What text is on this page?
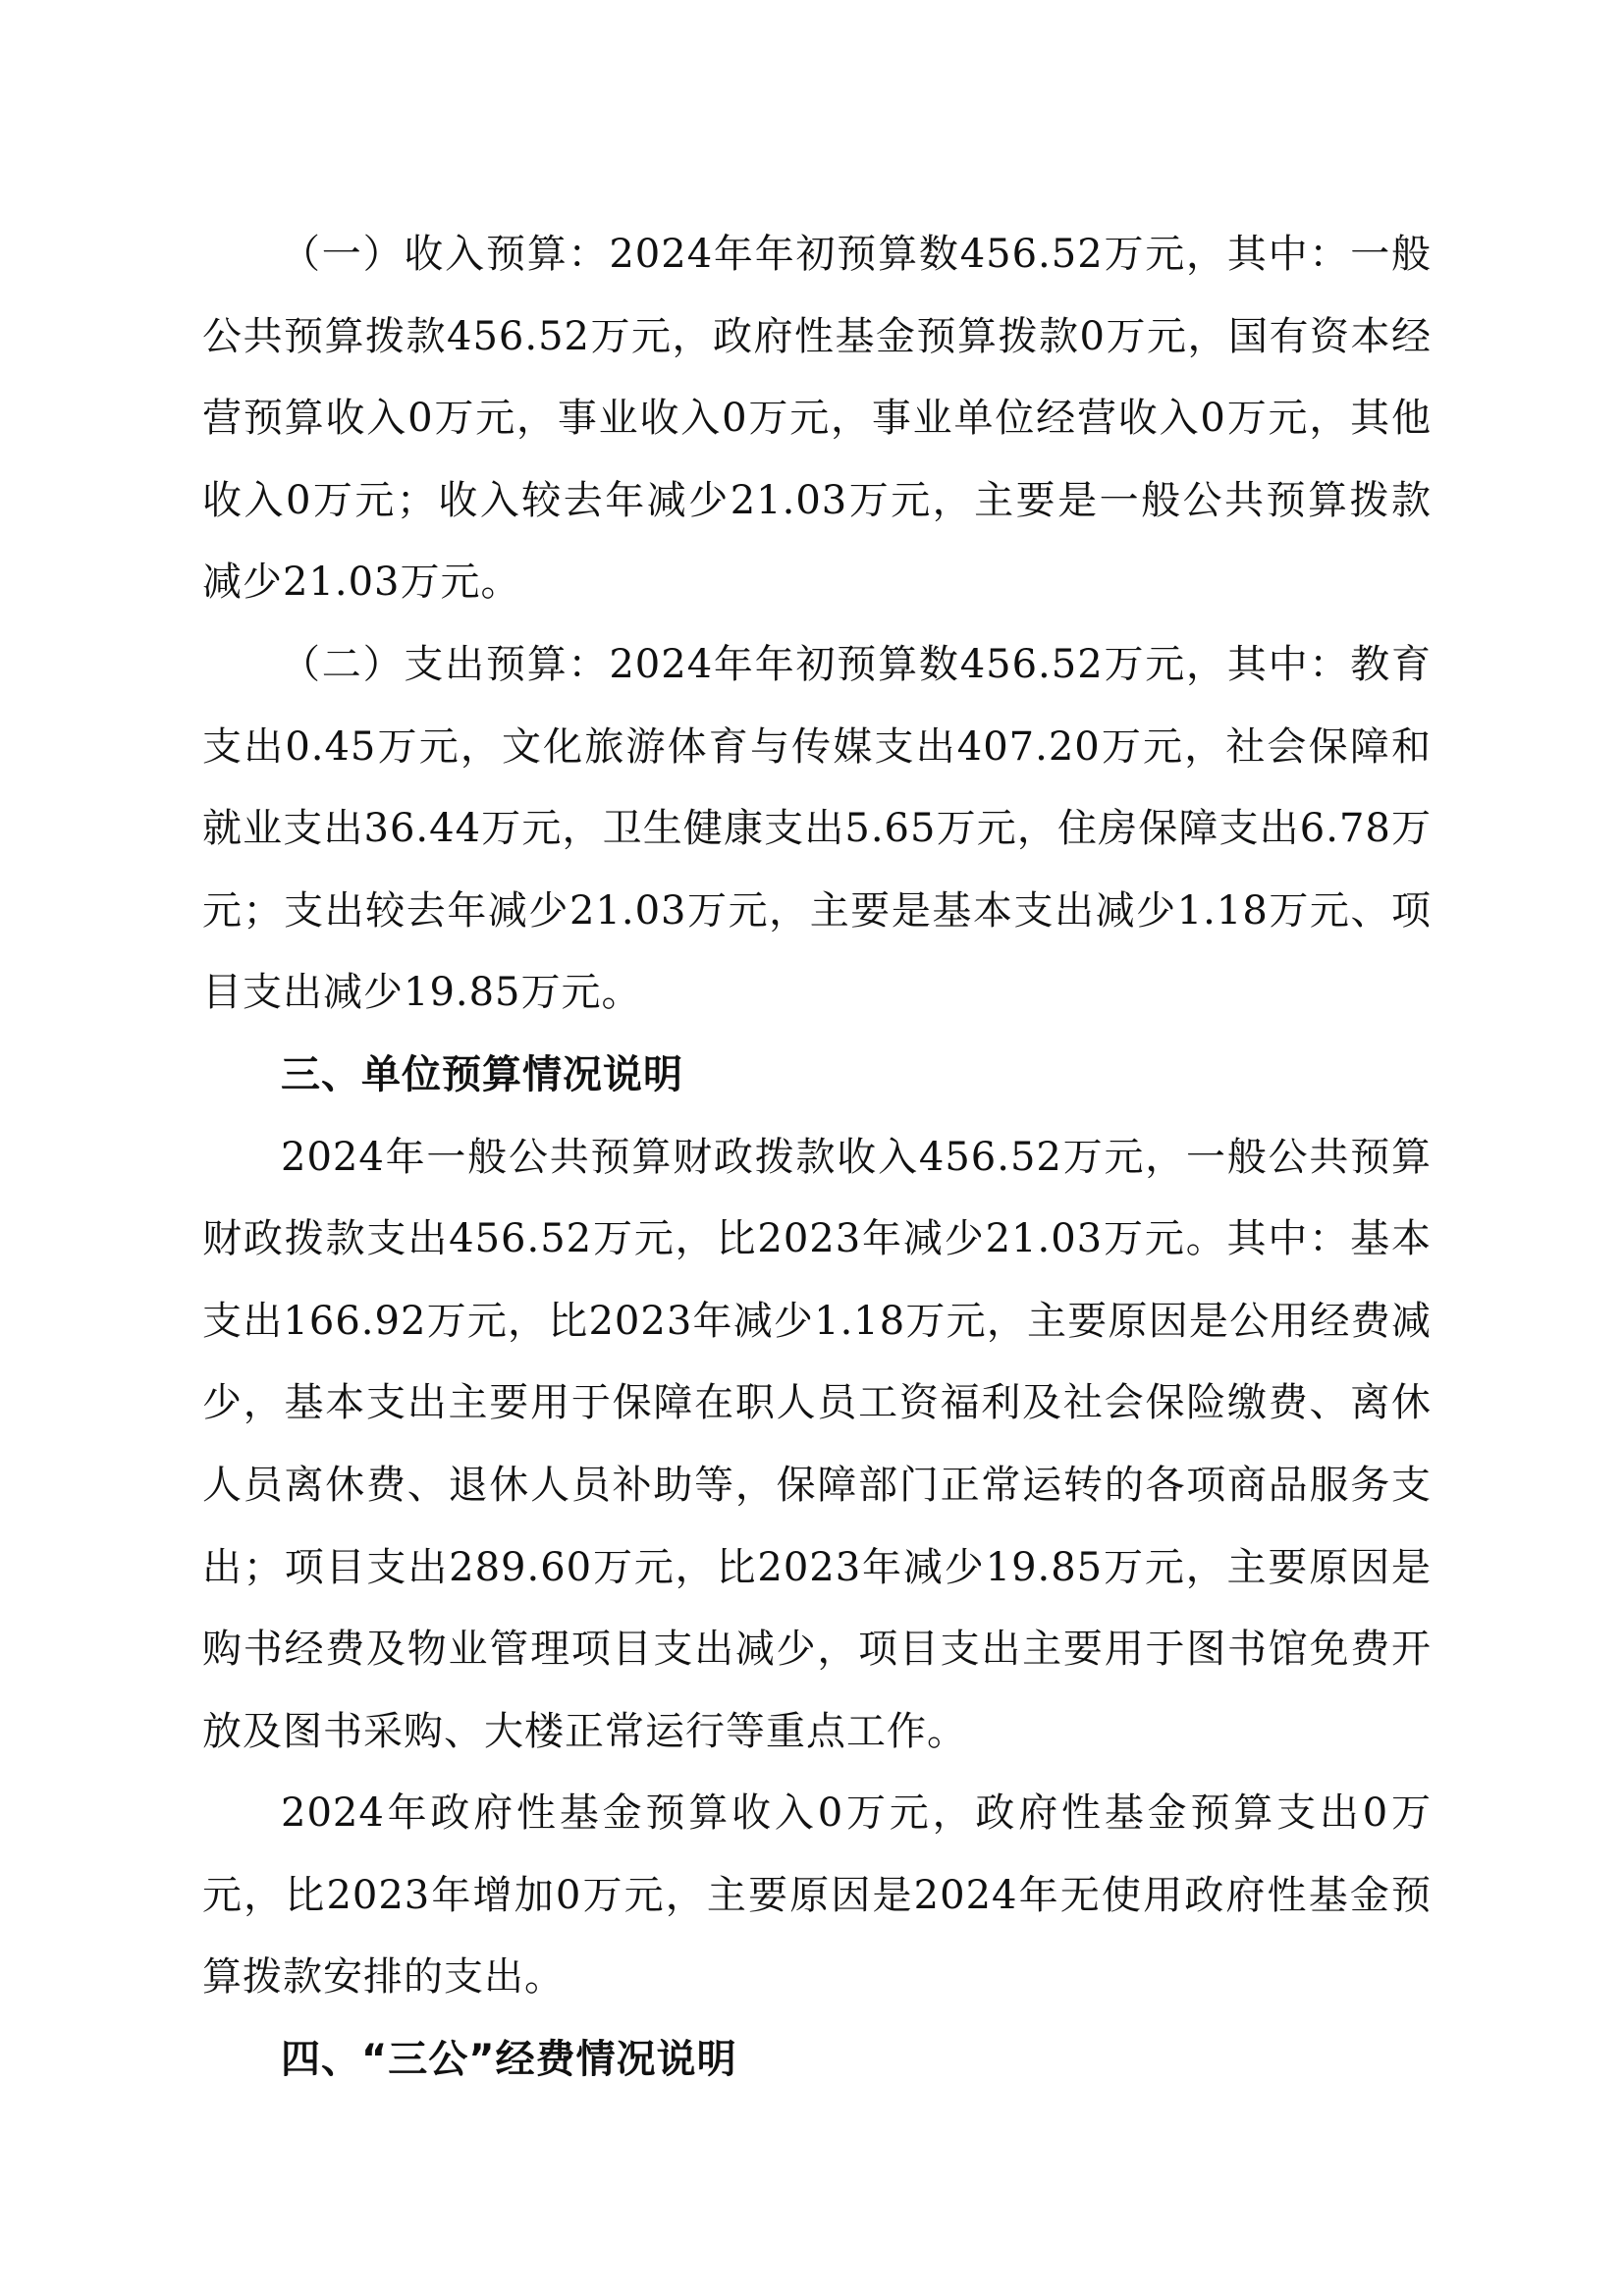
（一）收入预算：2024年年初预算数456.52万元，其中：一般公共预算拨款456.52万元，政府性基金预算拨款0万元，国有资本经营预算收入0万元，事业收入0万元，事业单位经营收入0万元，其他收入0万元；收入较去年减少21.03万元，主要是一般公共预算拨款减少21.03万元。

（二）支出预算：2024年年初预算数456.52万元，其中：教育支出0.45万元，文化旅游体育与传媒支出407.20万元，社会保障和就业支出36.44万元，卫生健康支出5.65万元，住房保障支出6.78万元；支出较去年减少21.03万元，主要是基本支出减少1.18万元、项目支出减少19.85万元。

三、单位预算情况说明

2024年一般公共预算财政拨款收入456.52万元，一般公共预算财政拨款支出456.52万元，比2023年减少21.03万元。其中：基本支出166.92万元，比2023年减少1.18万元，主要原因是公用经费减少，基本支出主要用于保障在职人员工资福利及社会保险缴费、离休人员离休费、退休人员补助等，保障部门正常运转的各项商品服务支出；项目支出289.60万元，比2023年减少19.85万元，主要原因是购书经费及物业管理项目支出减少，项目支出主要用于图书馆免费开放及图书采购、大楼正常运行等重点工作。

2024年政府性基金预算收入0万元，政府性基金预算支出0万元，比2023年增加0万元，主要原因是2024年无使用政府性基金预算拨款安排的支出。

四、“三公”经费情况说明
